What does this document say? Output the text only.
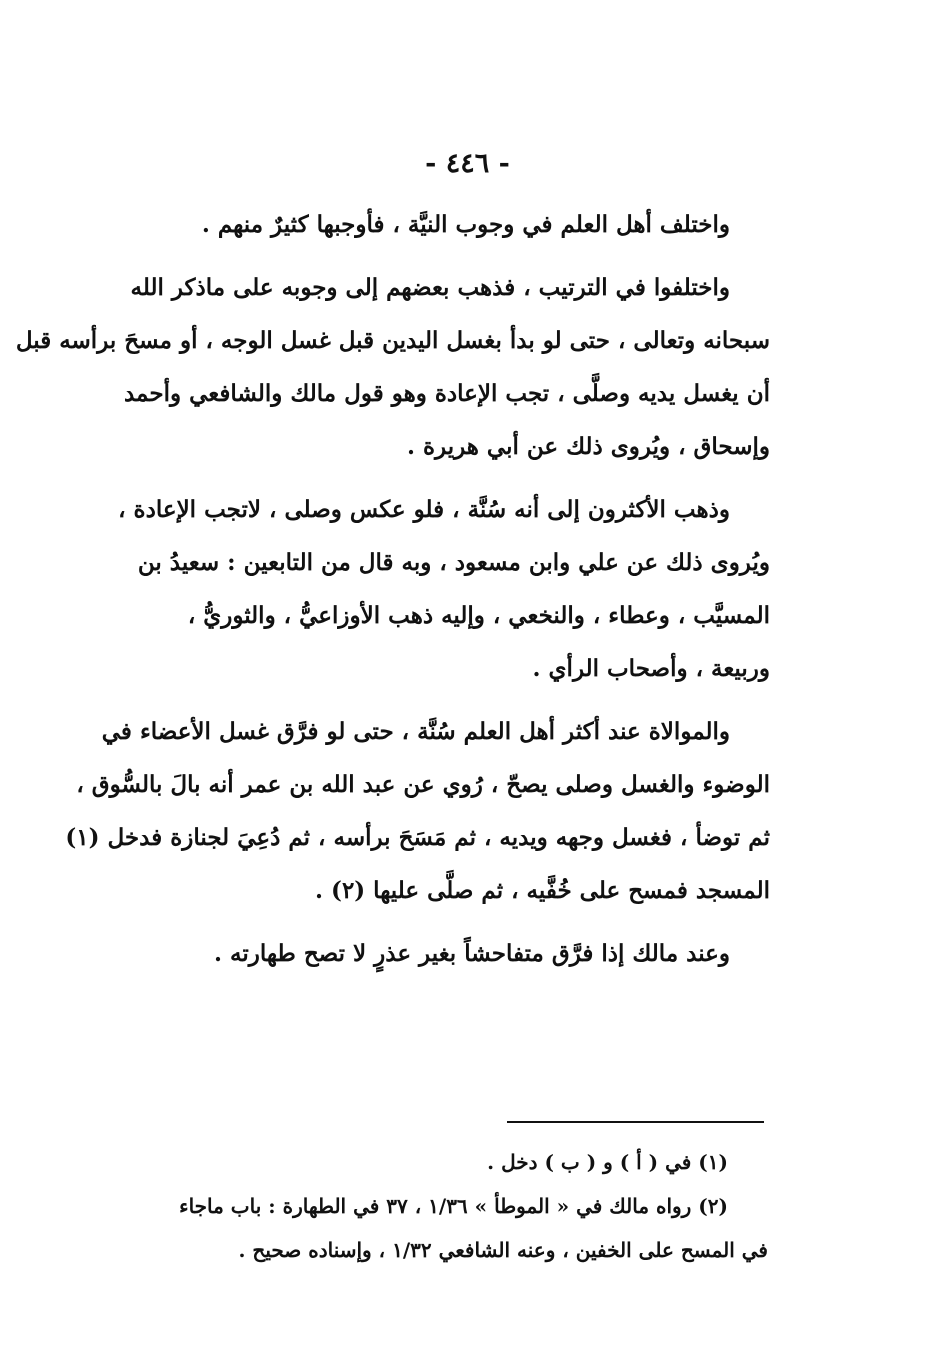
- ٤٤٦ -
واختلف أهل العلم في وجوب النيَّة ، فأوجبها كثيرٌ منهم .
واختلفوا في الترتيب ، فذهب بعضهم إلى وجوبه على ماذكر الله
سبحانه وتعالى ، حتى لو بدأ بغسل اليدين قبل غسل الوجه ، أو مسحَ برأسه قبل
أن يغسل يديه وصلَّى ، تجب الإعادة وهو قول مالك والشافعي وأحمد
وإسحاق ، ويُروى ذلك عن أبي هريرة .
وذهب الأكثرون إلى أنه سُنَّة ، فلو عكس وصلى ، لاتجب الإعادة ،
ويُروى ذلك عن علي وابن مسعود ، وبه قال من التابعين : سعيدُ بن
المسيَّب ، وعطاء ، والنخعي ، وإليه ذهب الأوزاعيُّ ، والثوريُّ ،
وربيعة ، وأصحاب الرأي .
والموالاة عند أكثر أهل العلم سُنَّة ، حتى لو فرَّق غسل الأعضاء في
الوضوء والغسل وصلى يصحّ ، رُوي عن عبد الله بن عمر أنه بالَ بالسُّوق ،
ثم توضأ ، فغسل وجهه ويديه ، ثم مَسَحَ برأسه ، ثم دُعِيَ لجنازة فدخل (١)
المسجد فمسح على خُفَّيه ، ثم صلَّى عليها (٢) .
وعند مالك إذا فرَّق متفاحشاً بغير عذرٍ لا تصح طهارته .
(١) في ( أ ) و ( ب ) دخل .
(٢) رواه مالك في « الموطأ » ١/٣٦ ، ٣٧ في الطهارة : باب ماجاء
في المسح على الخفين ، وعنه الشافعي ١/٣٢ ، وإسناده صحيح .
